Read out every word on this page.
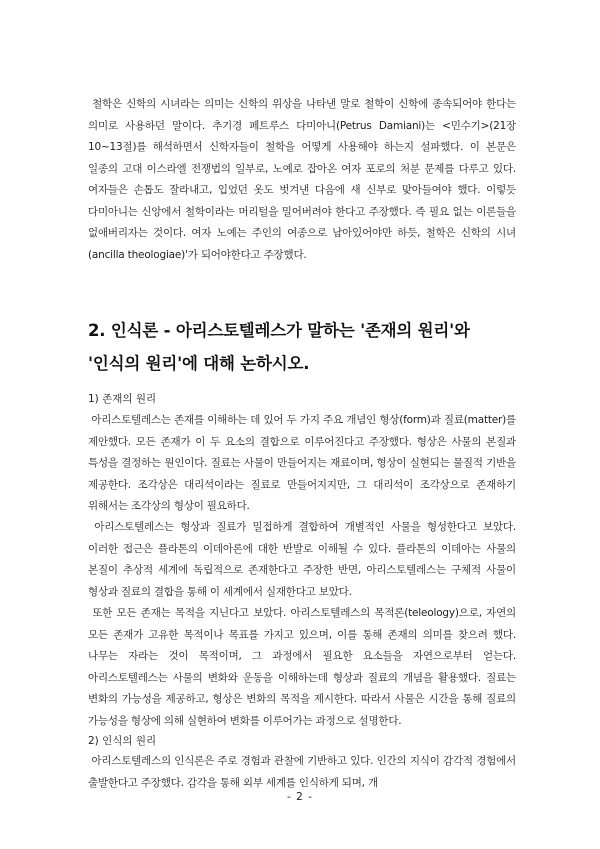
철학은 신학의 시녀라는 의미는 신학의 위상을 나타낸 말로 철학이 신학에 종속되어야 한다는 의미로 사용하던 말이다. 추기경 페트루스 다미아니(Petrus Damiani)는 <민수기>(21장 10~13절)를 해석하면서 신학자들이 철학을 어떻게 사용해야 하는지 설파했다. 이 본문은 일종의 고대 이스라엘 전쟁법의 일부로, 노예로 잡아온 여자 포로의 처분 문제를 다루고 있다. 여자들은 손톱도 잘라내고, 입었던 옷도 벗겨낸 다음에 새 신부로 맞아들여야 했다. 이렇듯 다미아니는 신앙에서 철학이라는 머리털을 밀어버려야 한다고 주장했다. 즉 필요 없는 이론들을 없애버리자는 것이다. 여자 노예는 주인의 여종으로 남아있어야만 하듯, 철학은 신학의 시녀(ancilla theologiae)'가 되어야한다고 주장했다.

2. 인식론 - 아리스토텔레스가 말하는 '존재의 원리'와 '인식의 원리'에 대해 논하시오.

1) 존재의 원리

아리스토텔레스는 존재를 이해하는 데 있어 두 가지 주요 개념인 형상(form)과 질료(matter)를 제안했다. 모든 존재가 이 두 요소의 결합으로 이루어진다고 주장했다. 형상은 사물의 본질과 특성을 결정하는 원인이다. 질료는 사물이 만들어지는 재료이며, 형상이 실현되는 물질적 기반을 제공한다. 조각상은 대리석이라는 질료로 만들어지지만, 그 대리석이 조각상으로 존재하기 위해서는 조각상의 형상이 필요하다.

아리스토텔레스는 형상과 질료가 밀접하게 결합하여 개별적인 사물을 형성한다고 보았다. 이러한 접근은 플라톤의 이데아론에 대한 반발로 이해될 수 있다. 플라톤의 이데아는 사물의 본질이 추상적 세계에 독립적으로 존재한다고 주장한 반면, 아리스토텔레스는 구체적 사물이 형상과 질료의 결합을 통해 이 세계에서 실재한다고 보았다.

또한 모든 존재는 목적을 지닌다고 보았다. 아리스토텔레스의 목적론(teleology)으로, 자연의 모든 존재가 고유한 목적이나 목표를 가지고 있으며, 이를 통해 존재의 의미를 찾으려 했다. 나무는 자라는 것이 목적이며, 그 과정에서 필요한 요소들을 자연으로부터 얻는다. 아리스토텔레스는 사물의 변화와 운동을 이해하는데 형상과 질료의 개념을 활용했다. 질료는 변화의 가능성을 제공하고, 형상은 변화의 목적을 제시한다. 따라서 사물은 시간을 통해 질료의 가능성을 형상에 의해 실현하여 변화를 이루어가는 과정으로 설명한다.

2) 인식의 원리

아리스토텔레스의 인식론은 주로 경험과 관찰에 기반하고 있다. 인간의 지식이 감각적 경험에서 출발한다고 주장했다. 감각을 통해 외부 세계를 인식하게 되며, 개

- 2 -
